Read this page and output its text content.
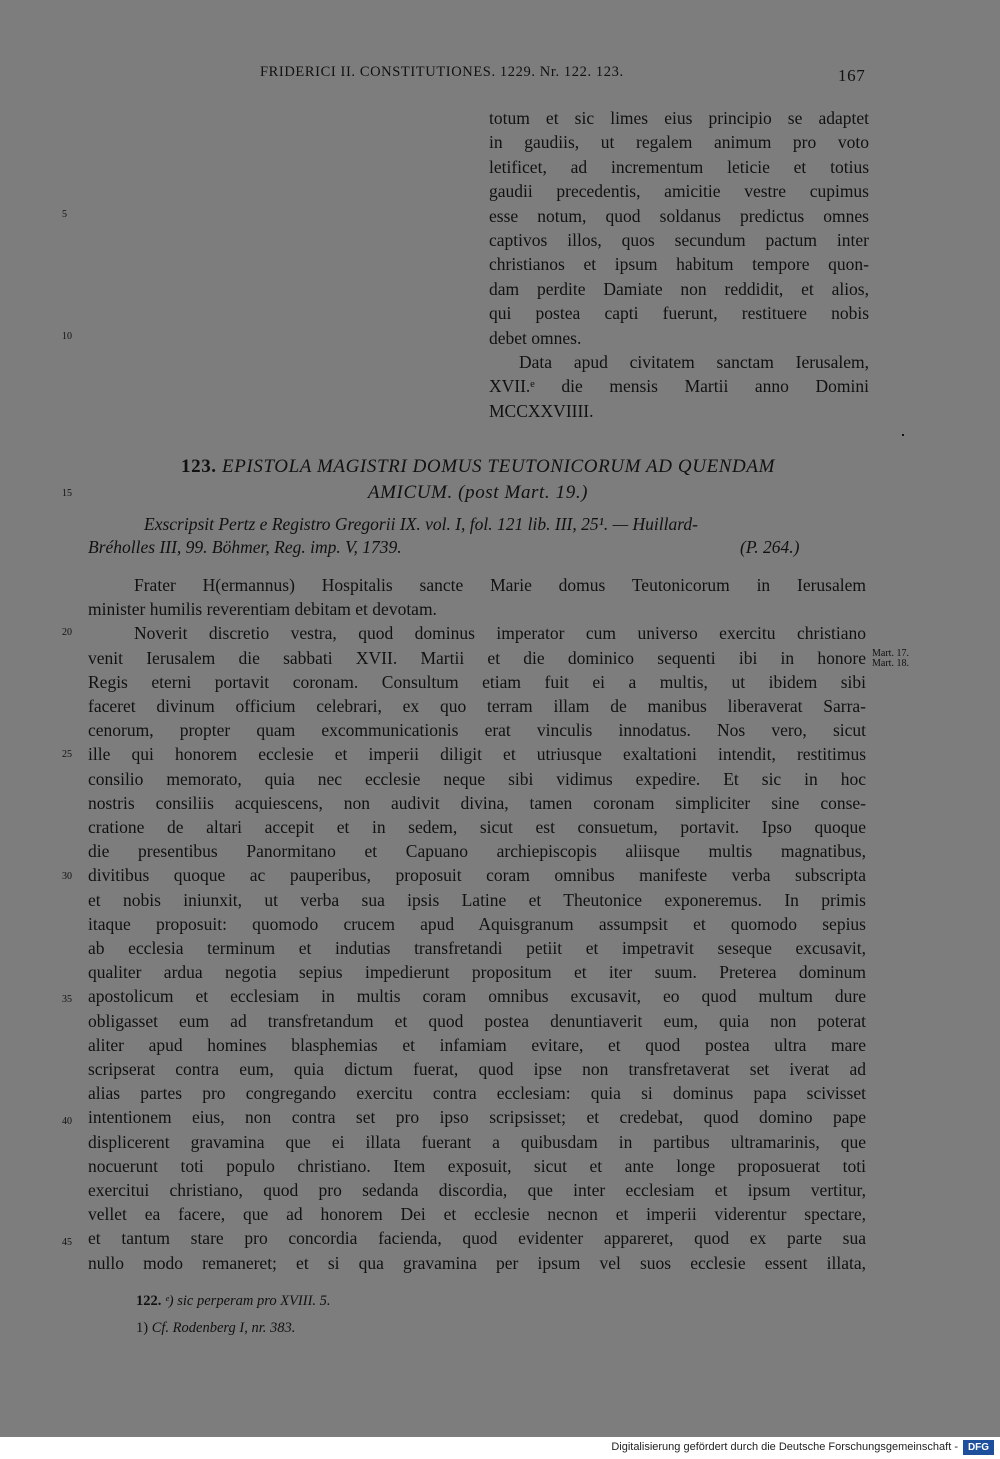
FRIDERICI II. CONSTITUTIONES. 1229. Nr. 122. 123.	167
5
10
15
20
25
30
35
40
45
totum et sic limes eius principio se adaptet
in gaudiis, ut regalem animum pro voto
letificet, ad incrementum leticie et totius
gaudii precedentis, amicitie vestre cupimus
esse notum, quod soldanus predictus omnes
captivos illos, quos secundum pactum inter
christianos et ipsum habitum tempore quon-
dam perdite Damiate non reddidit, et alios,
qui postea capti fuerunt, restituere nobis
debet omnes.
Data apud civitatem sanctam Ierusalem,
XVII.ᵉ die mensis Martii anno Domini
MCCXXVIIII.
123. EPISTOLA MAGISTRI DOMUS TEUTONICORUM AD QUENDAM
AMICUM. (post Mart. 19.)
Exscripsit Pertz e Registro Gregorii IX. vol. I, fol. 121 lib. III, 25¹. — Huillard-
Bréholles III, 99. Böhmer, Reg. imp. V, 1739.	(P. 264.)
Frater H(ermannus) Hospitalis sancte Marie domus Teutonicorum in Ierusalem
minister humilis reverentiam debitam et devotam.
Noverit discretio vestra, quod dominus imperator cum universo exercitu christiano
venit Ierusalem die sabbati XVII. Martii et die dominico sequenti ibi in honore
Regis eterni portavit coronam. Consultum etiam fuit ei a multis, ut ibidem sibi
faceret divinum officium celebrari, ex quo terram illam de manibus liberaverat Sarra-
cenorum, propter quam excommunicationis erat vinculis innodatus. Nos vero, sicut
ille qui honorem ecclesie et imperii diligit et utriusque exaltationi intendit, restitimus
consilio memorato, quia nec ecclesie neque sibi vidimus expedire. Et sic in hoc
nostris consiliis acquiescens, non audivit divina, tamen coronam simpliciter sine conse-
cratione de altari accepit et in sedem, sicut est consuetum, portavit. Ipso quoque
die presentibus Panormitano et Capuano archiepiscopis aliisque multis magnatibus,
divitibus quoque ac pauperibus, proposuit coram omnibus manifeste verba subscripta
et nobis iniunxit, ut verba sua ipsis Latine et Theutonice exponeremus. In primis
itaque proposuit: quomodo crucem apud Aquisgranum assumpsit et quomodo sepius
ab ecclesia terminum et indutias transfretandi petiit et impetravit seseque excusavit,
qualiter ardua negotia sepius impedierunt propositum et iter suum. Preterea dominum
apostolicum et ecclesiam in multis coram omnibus excusavit, eo quod multum dure
obligasset eum ad transfretandum et quod postea denuntiaverit eum, quia non poterat
aliter apud homines blasphemias et infamiam evitare, et quod postea ultra mare
scripserat contra eum, quia dictum fuerat, quod ipse non transfretaverat set iverat ad
alias partes pro congregando exercitu contra ecclesiam: quia si dominus papa scivisset
intentionem eius, non contra set pro ipso scripsisset; et credebat, quod domino pape
displicerent gravamina que ei illata fuerant a quibusdam in partibus ultramarinis, que
nocuerunt toti populo christiano. Item exposuit, sicut et ante longe proposuerat toti
exercitui christiano, quod pro sedanda discordia, que inter ecclesiam et ipsum vertitur,
vellet ea facere, que ad honorem Dei et ecclesie necnon et imperii viderentur spectare,
et tantum stare pro concordia facienda, quod evidenter appareret, quod ex parte sua
nullo modo remaneret; et si qua gravamina per ipsum vel suos ecclesie essent illata,
Mart. 17.
Mart. 18.
122. ᵉ) sic perperam pro XVIII. 5.
1) Cf. Rodenberg I, nr. 383.
Digitalisierung gefördert durch die Deutsche Forschungsgemeinschaft - DFG
